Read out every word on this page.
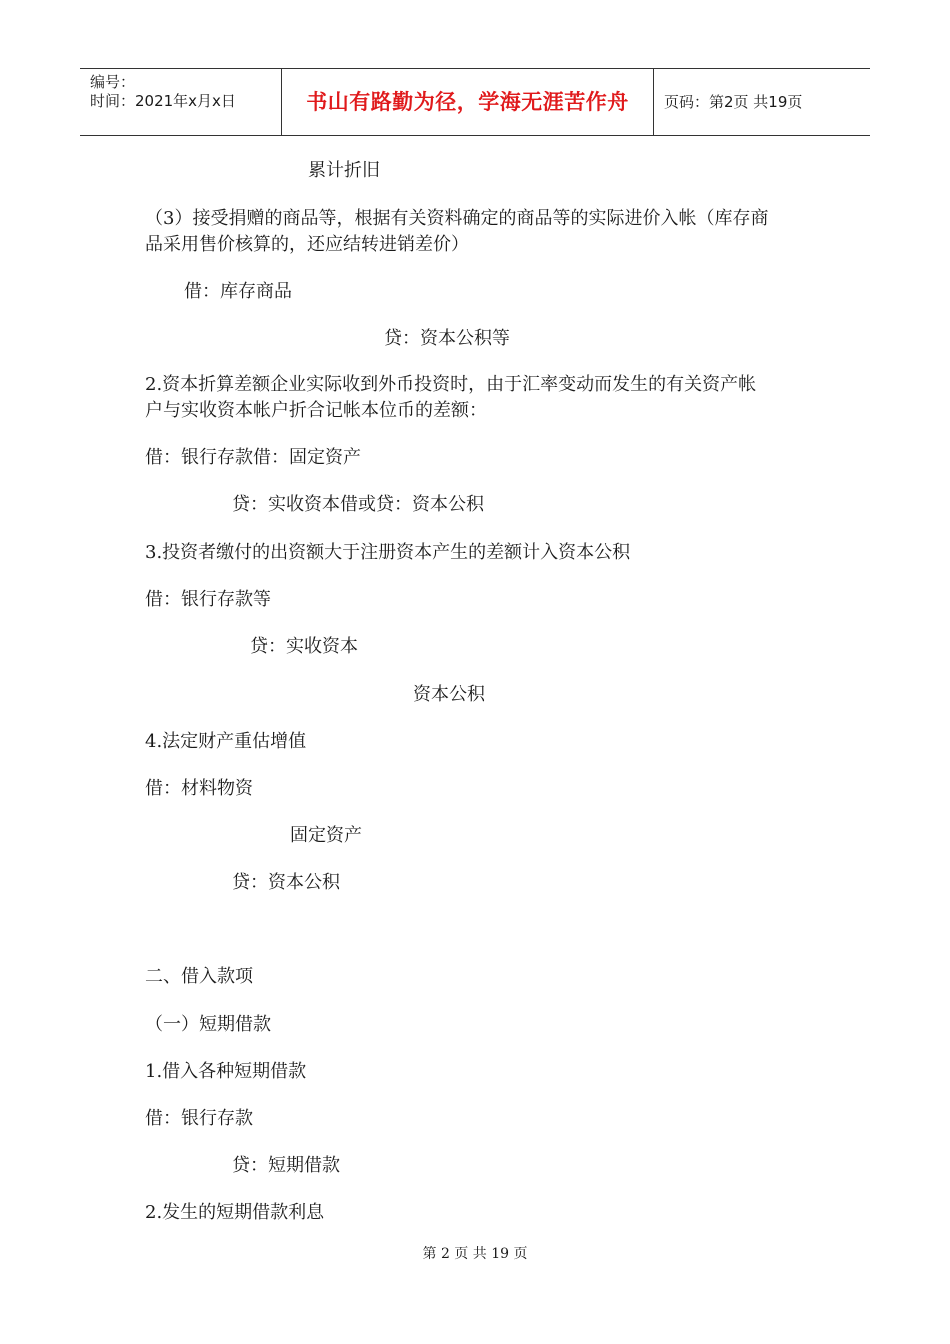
编号：
时间：2021年x月x日	书山有路勤为径，学海无涯苦作舟	页码：第2页 共19页
累计折旧
（3）接受捐赠的商品等，根据有关资料确定的商品等的实际进价入帐（库存商
品采用售价核算的，还应结转进销差价）
借：库存商品
贷：资本公积等
2.资本折算差额企业实际收到外币投资时，由于汇率变动而发生的有关资产帐
户与实收资本帐户折合记帐本位币的差额：
借：银行存款借：固定资产
贷：实收资本借或贷：资本公积
3.投资者缴付的出资额大于注册资本产生的差额计入资本公积
借：银行存款等
贷：实收资本
资本公积
4.法定财产重估增值
借：材料物资
固定资产
贷：资本公积
二、借入款项
（一）短期借款
1.借入各种短期借款
借：银行存款
贷：短期借款
2.发生的短期借款利息
第 2 页 共 19 页
